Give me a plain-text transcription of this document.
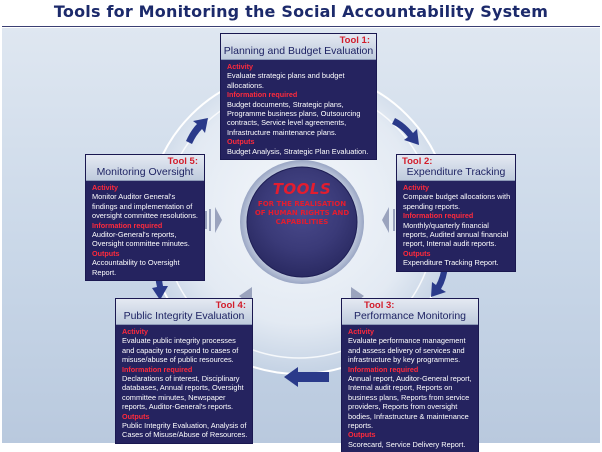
Tools for Monitoring the Social Accountability System
TOOLS
FOR THE REALISATION OF HUMAN RIGHTS AND CAPABILITIES
Tool 1:
Planning and Budget Evaluation
Activity
Evaluate strategic plans and budget allocations.
Information required
Budget documents, Strategic plans, Programme business plans, Outsourcing contracts, Service level agreements, Infrastructure maintenance plans.
Outputs
Budget Analysis, Strategic Plan Evaluation.
Tool 2:
Expenditure Tracking
Activity
Compare budget allocations with spending reports.
Information required
Monthly/quarterly financial reports, Audited annual financial report, Internal audit reports.
Outputs
Expenditure Tracking Report.
Tool 3:
Performance Monitoring
Activity
Evaluate performance management and assess delivery of services and infrastructure by key programmes.
Information required
Annual report, Auditor-General report, Internal audit report, Reports on business plans, Reports from service providers, Reports from oversight bodies, Infrastructure & maintenance reports.
Outputs
Scorecard, Service Delivery Report.
Tool 4:
Public Integrity Evaluation
Activity
Evaluate public integrity processes and capacity to respond to cases of misuse/abuse of public resources.
Information required
Declarations of interest, Disciplinary databases, Annual reports, Oversight committee minutes, Newspaper reports, Auditor-General's reports.
Outputs
Public Integrity Evaluation, Analysis of Cases of Misuse/Abuse of Resources.
Tool 5:
Monitoring Oversight
Activity
Monitor Auditor General's findings and implementation of oversight committee resolutions.
Information required
Auditor-General's reports, Oversight committee minutes.
Outputs
Accountability to Oversight Report.
